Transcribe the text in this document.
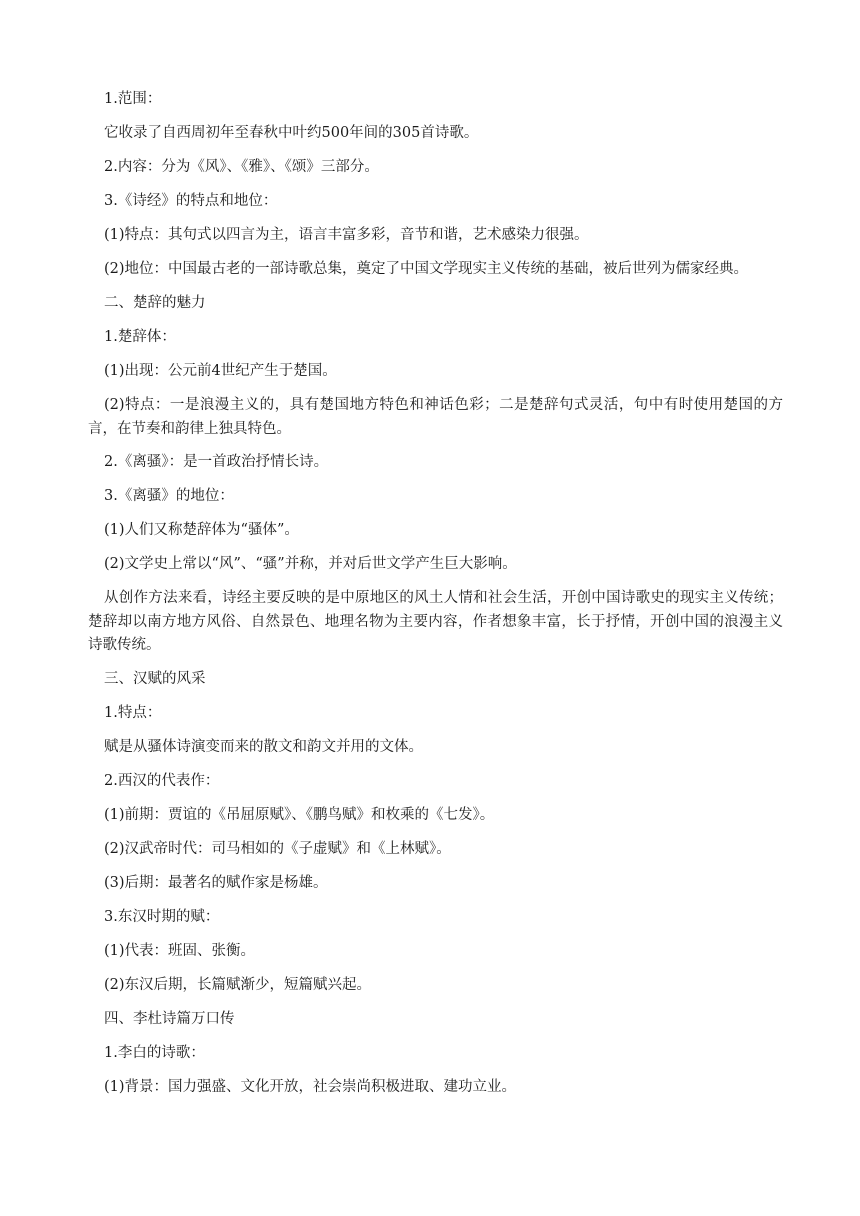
1.范围：

它收录了自西周初年至春秋中叶约500年间的305首诗歌。

2.内容：分为《风》、《雅》、《颂》三部分。

3.《诗经》的特点和地位：

(1)特点：其句式以四言为主，语言丰富多彩，音节和谐，艺术感染力很强。

(2)地位：中国最古老的一部诗歌总集，奠定了中国文学现实主义传统的基础，被后世列为儒家经典。

二、楚辞的魅力

1.楚辞体：

(1)出现：公元前4世纪产生于楚国。

(2)特点：一是浪漫主义的，具有楚国地方特色和神话色彩；二是楚辞句式灵活，句中有时使用楚国的方言，在节奏和韵律上独具特色。

2.《离骚》：是一首政治抒情长诗。

3.《离骚》的地位：

(1)人们又称楚辞体为“骚体”。

(2)文学史上常以“风”、“骚”并称，并对后世文学产生巨大影响。

从创作方法来看，诗经主要反映的是中原地区的风土人情和社会生活，开创中国诗歌史的现实主义传统；楚辞却以南方地方风俗、自然景色、地理名物为主要内容，作者想象丰富，长于抒情，开创中国的浪漫主义诗歌传统。

三、汉赋的风采

1.特点：

赋是从骚体诗演变而来的散文和韵文并用的文体。

2.西汉的代表作：

(1)前期：贾谊的《吊屈原赋》、《鹏鸟赋》和枚乘的《七发》。

(2)汉武帝时代：司马相如的《子虚赋》和《上林赋》。

(3)后期：最著名的赋作家是杨雄。

3.东汉时期的赋：

(1)代表：班固、张衡。

(2)东汉后期，长篇赋渐少，短篇赋兴起。

四、李杜诗篇万口传

1.李白的诗歌：

(1)背景：国力强盛、文化开放，社会崇尚积极进取、建功立业。
